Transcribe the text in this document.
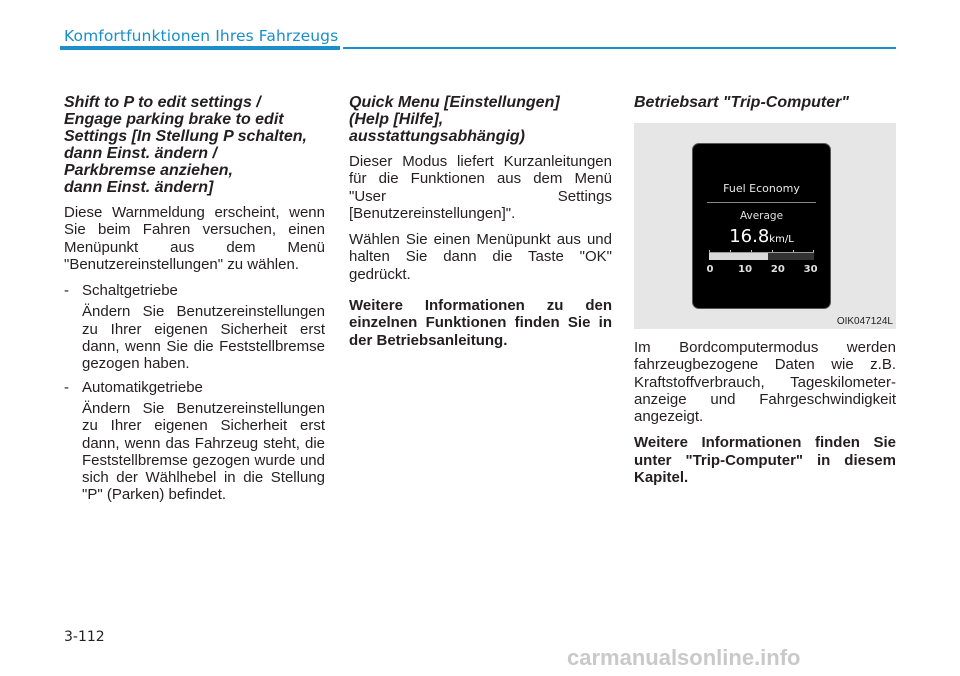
Komfortfunktionen Ihres Fahrzeugs
Shift to P to edit settings /
Engage parking brake to edit
Settings [In Stellung P schalten,
dann Einst. ändern /
Parkbremse anziehen,
dann Einst. ändern]

Diese Warnmeldung erscheint, wenn Sie beim Fahren versuchen, einen Menüpunkt aus dem Menü "Benutzereinstellungen" zu wählen.

- Schaltgetriebe
Ändern Sie Benutzereinstellungen zu Ihrer eigenen Sicherheit erst dann, wenn Sie die Feststellbremse gezogen haben.
- Automatikgetriebe
Ändern Sie Benutzereinstellungen zu Ihrer eigenen Sicherheit erst dann, wenn das Fahrzeug steht, die Feststellbremse gezogen wurde und sich der Wählhebel in die Stellung "P" (Parken) befindet.
Quick Menu [Einstellungen]
(Help [Hilfe],
ausstattungsabhängig)

Dieser Modus liefert Kurzanleitungen für die Funktionen aus dem Menü "User Settings [Benutzereinstellungen]".

Wählen Sie einen Menüpunkt aus und halten Sie dann die Taste "OK" gedrückt.

Weitere Informationen zu den einzelnen Funktionen finden Sie in der Betriebsanleitung.

Betriebsart "Trip-Computer"
Fuel Economy
Average
16.8km/L
0 10 20 30
OIK047124L

Im Bordcomputermodus werden fahrzeugbezogene Daten wie z.B. Kraftstoffverbrauch, Tageskilometer-anzeige und Fahrgeschwindigkeit angezeigt.

Weitere Informationen finden Sie unter "Trip-Computer" in diesem Kapitel.

3-112
carmanualsonline.info
